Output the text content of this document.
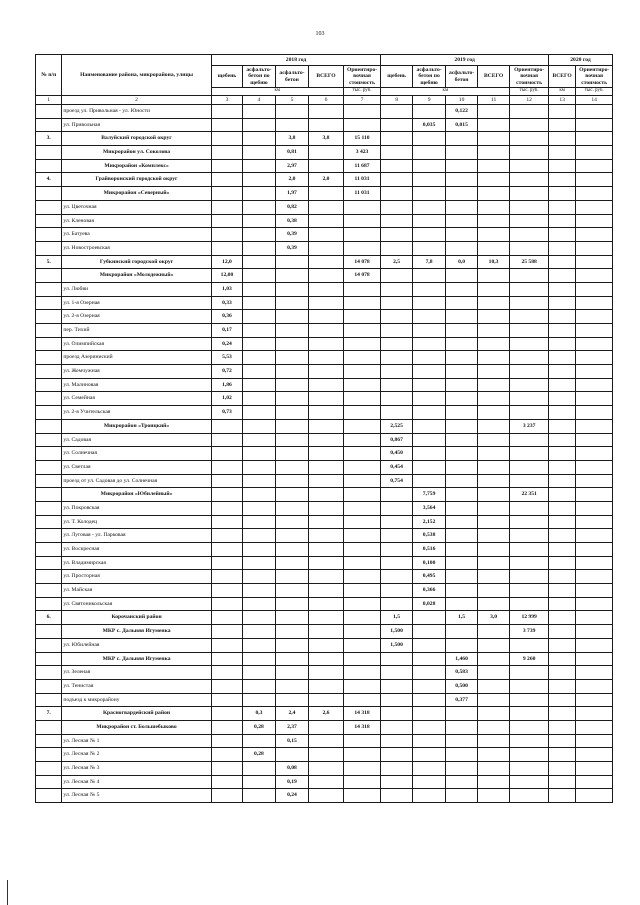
103
№ п/п	Наименование района, микрорайона, улицы	2018 год					2019 год					2020 год	
		щебень	асфальто-бетон по щебню	асфальто-бетон	ВСЕГО	Ориентиро-вочная стоимость	щебень	асфальто-бетон по щебню	асфальто-бетон	ВСЕГО	Ориентиро-вочная стоимость	ВСЕГО	Ориентиро-вочная стоимость
		км				тыс. руб.	км				тыс. руб.	км	тыс. руб.
1	2	3	4	5	6	7	8	9	10	11	12	13	14
	проезд ул. Привольная - ул. Юности								0,122				
	ул. Привольная							0,035	0,015				
3.	Валуйский городской округ			3,8	3,8	15 110							
	Микрорайон ул. Соколова			0,81		3 423							
	Микрорайон «Комплекс»			2,97		11 687							
4.	Грайворонский городской округ			2,0	2,0	11 031							
	Микрорайон «Северный»			1,97		11 031							
	ул. Цветочная			0,82									
	ул. Кленовая			0,38									
	ул. Батуева			0,39									
	ул. Новостроевская			0,39									
5.	Губкинский городской округ	12,0				14 078	2,5	7,8	0,0	10,3	25 588		
	Микрорайон «Молодежный»	12,00				14 078							
	ул. Любви	1,03											
	ул. 1-я Озерная	0,33											
	ул. 2-я Озерная	0,36											
	пер. Тихий	0,17											
	ул. Олимпийская	0,24											
	проезд Азериниский	5,53											
	ул. Жемчужная	0,72											
	ул. Малиновая	1,86											
	ул. Семейная	1,02											
	ул. 2-я Учительская	0,73											
	Микрорайон «Троицкий»						2,525				3 237		
	ул. Садовая						0,867						
	ул. Солнечная						0,450						
	ул. Светлая						0,454						
	проезд от ул. Садовая до ул. Солнечная						0,754						
	Микрорайон «Юбилейный»							7,759			22 351		
	ул. Покровская							3,564					
	ул. Т. Колодец							2,152					
	ул. Луговая - ул. Парковая							0,538					
	ул. Воскресная							0,516					
	ул. Владимирская							0,100					
	ул. Просторная							0,495					
	ул. Майская							0,366					
	ул. Святоникольская							0,028					
6.	Корочанский район						1,5		1,5	3,0	12 999		
	МКР с. Дальняя Игуменка						1,500				3 739		
	ул. Юбилейная						1,500						
	МКР с. Дальняя Игуменка								1,460		9 260		
	ул. Зеленая								0,583				
	ул. Тенистая								0,500				
	подъезд к микрорайону								0,377				
7.	Красногвардейский район		0,3	2,4	2,6	14 318							
	Микрорайон ст. Большебыково		0,28	2,37		14 318							
	ул. Лесная № 1			0,15									
	ул. Лесная № 2		0,28										
	ул. Лесная № 3			0,08									
	ул. Лесная № 4			0,19									
	ул. Лесная № 5			0,24									
